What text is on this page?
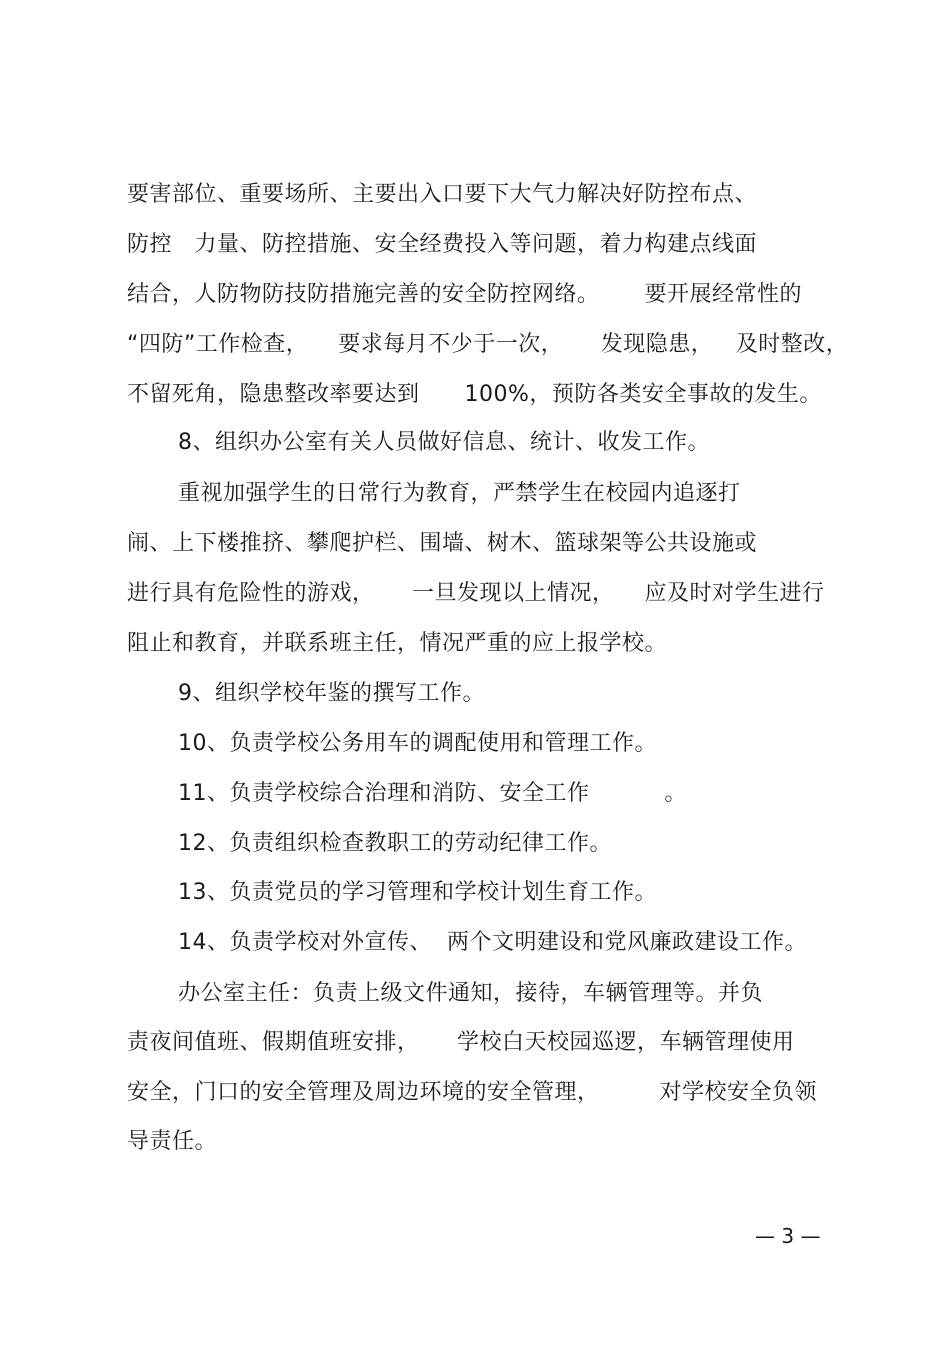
要害部位、重要场所、主要出入口要下大气力解决好防控布点、
防控   力量、防控措施、安全经费投入等问题，着力构建点线面
结合，人防物防技防措施完善的安全防控网络。      要开展经常性的
“四防”工作检查，    要求每月不少于一次，     发现隐患，   及时整改，
不留死角，隐患整改率要达到      100%，预防各类安全事故的发生。
8、组织办公室有关人员做好信息、统计、收发工作。
重视加强学生的日常行为教育，严禁学生在校园内追逐打
闹、上下楼推挤、攀爬护栏、围墙、树木、篮球架等公共设施或
进行具有危险性的游戏，     一旦发现以上情况，    应及时对学生进行
阻止和教育，并联系班主任，情况严重的应上报学校。
9、组织学校年鉴的撰写工作。
10、负责学校公务用车的调配使用和管理工作。
11、负责学校综合治理和消防、安全工作          。
12、负责组织检查教职工的劳动纪律工作。
13、负责党员的学习管理和学校计划生育工作。
14、负责学校对外宣传、  两个文明建设和党风廉政建设工作。
办公室主任：负责上级文件通知，接待，车辆管理等。并负
责夜间值班、假期值班安排，     学校白天校园巡逻，车辆管理使用
安全，门口的安全管理及周边环境的安全管理，        对学校安全负领
导责任。
— 3 —
